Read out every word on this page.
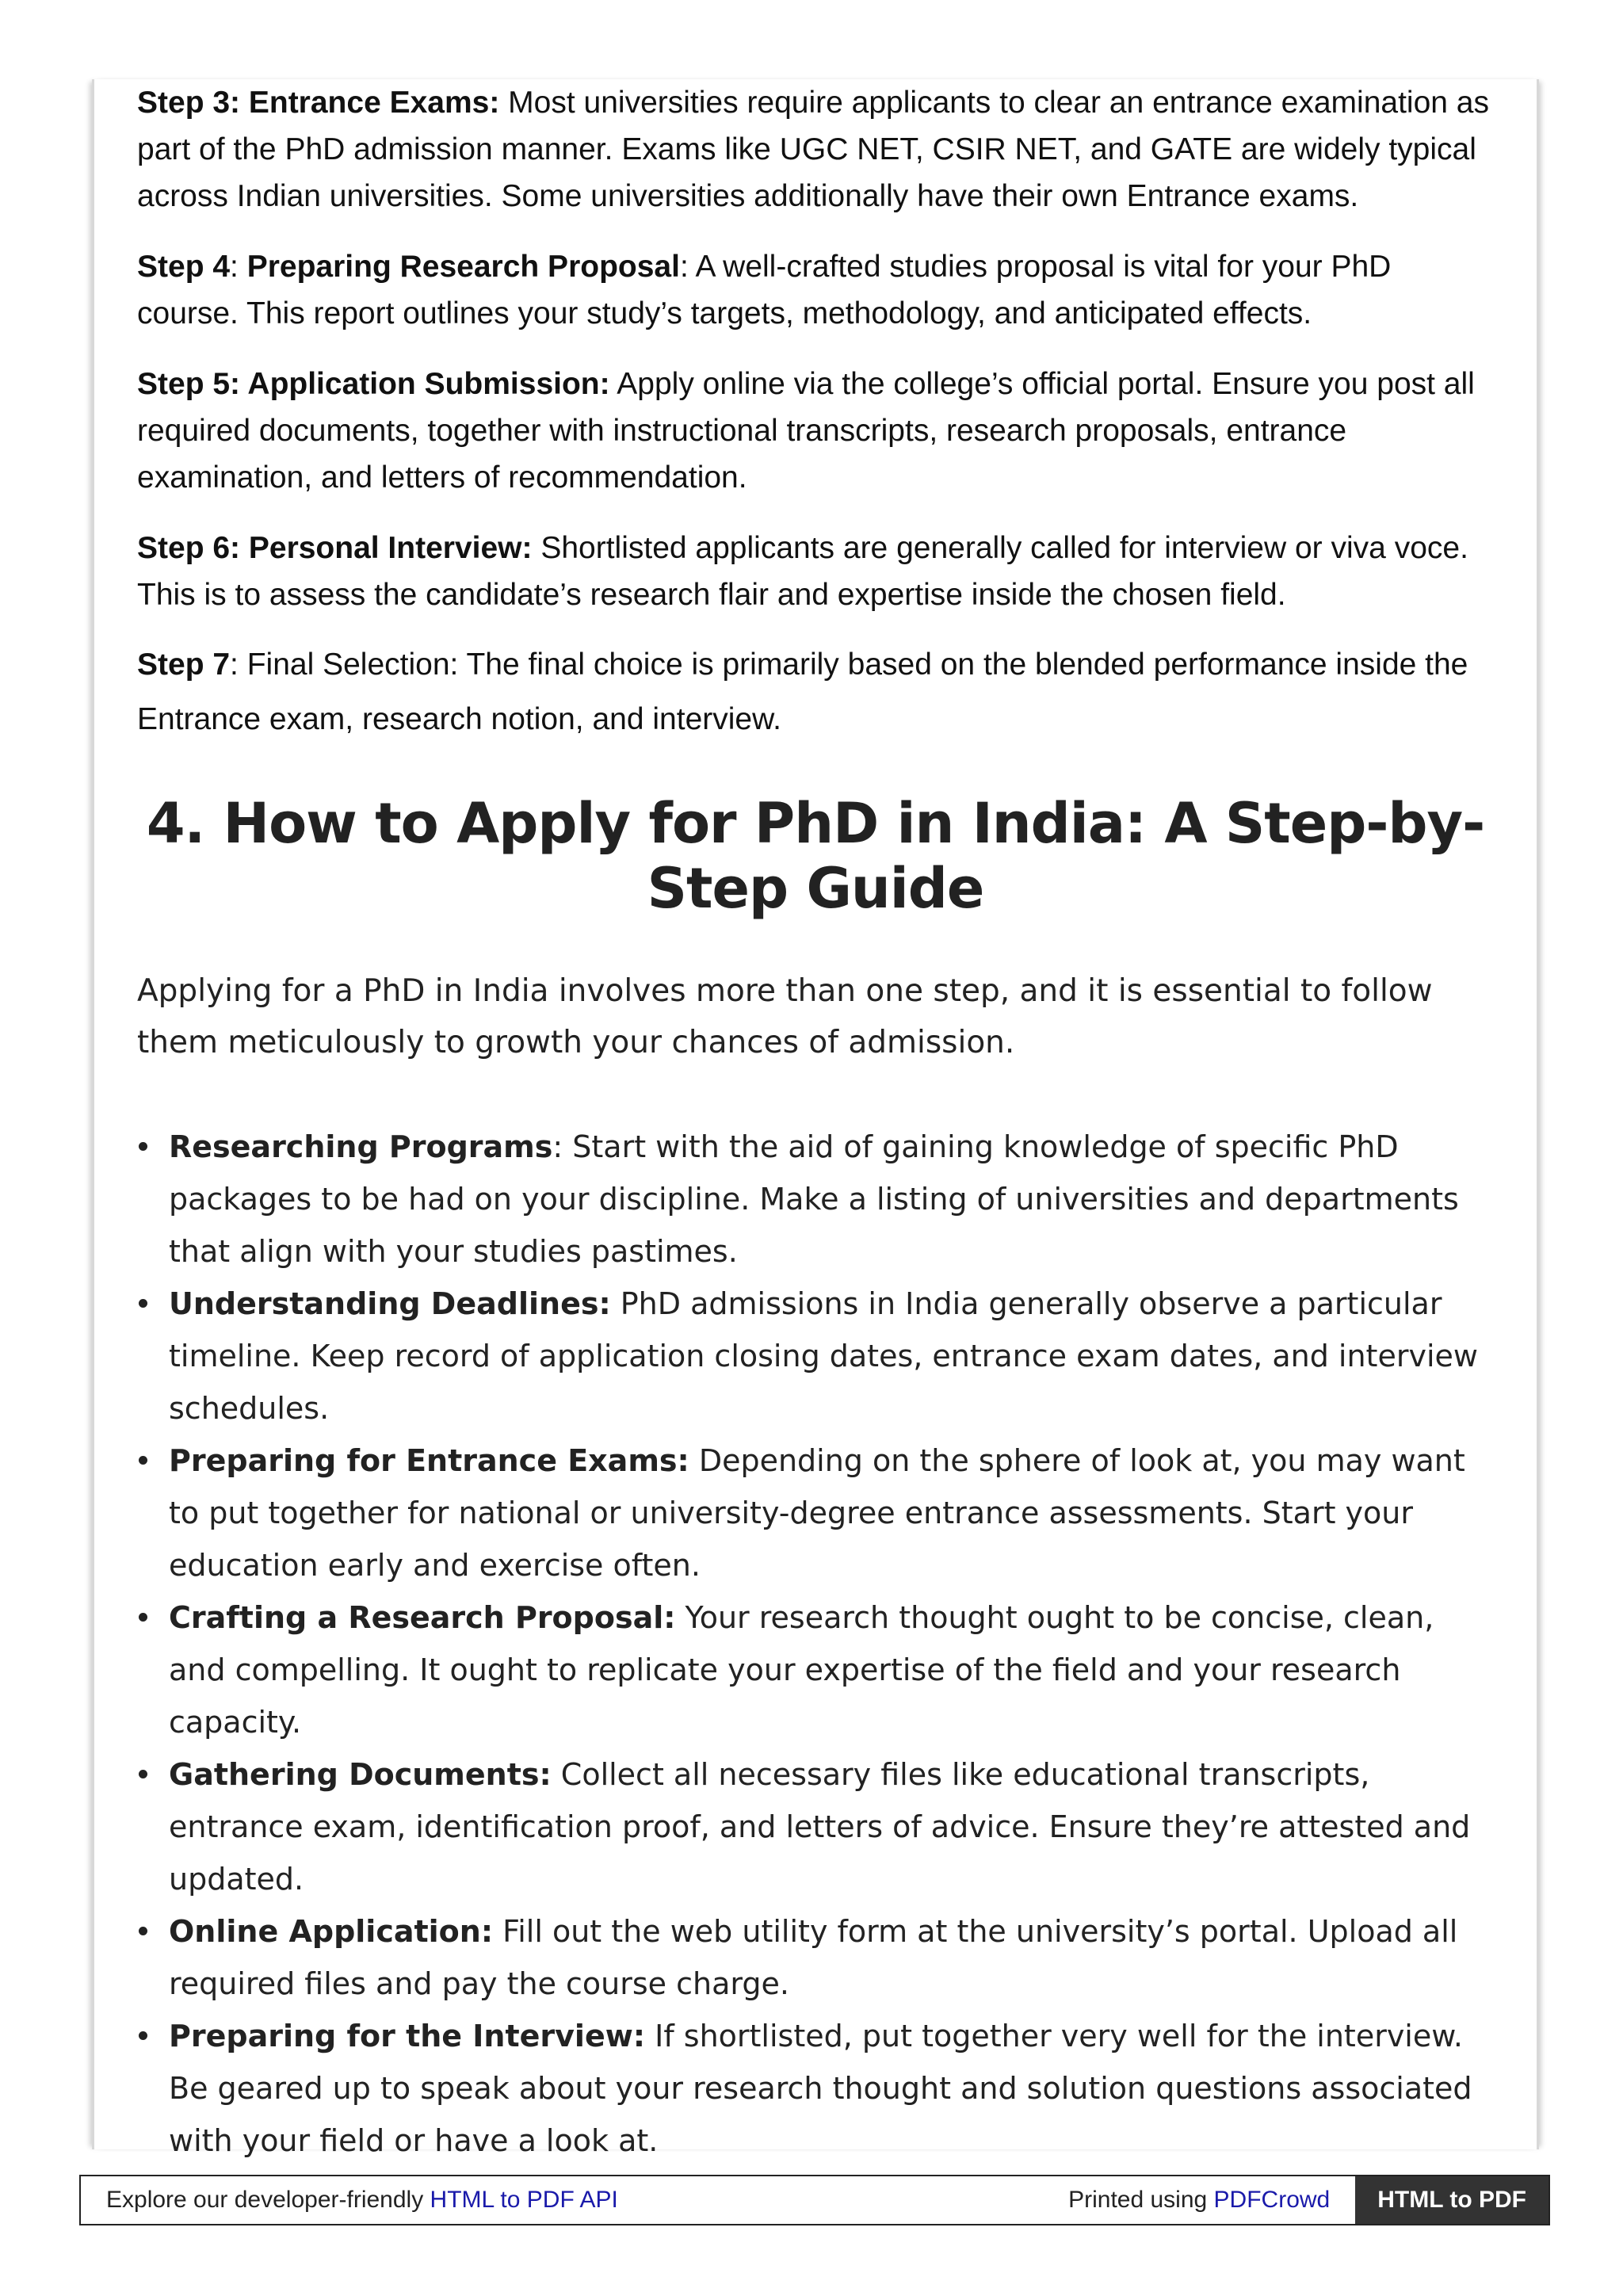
Step 3: Entrance Exams: Most universities require applicants to clear an entrance examination as part of the PhD admission manner. Exams like UGC NET, CSIR NET, and GATE are widely typical across Indian universities. Some universities additionally have their own Entrance exams.

Step 4: Preparing Research Proposal: A well-crafted studies proposal is vital for your PhD course. This report outlines your study’s targets, methodology, and anticipated effects.

Step 5: Application Submission: Apply online via the college’s official portal. Ensure you post all required documents, together with instructional transcripts, research proposals, entrance examination, and letters of recommendation.

Step 6: Personal Interview: Shortlisted applicants are generally called for interview or viva voce. This is to assess the candidate’s research flair and expertise inside the chosen field.

Step 7: Final Selection: The final choice is primarily based on the blended performance inside the Entrance exam, research notion, and interview.

4. How to Apply for PhD in India: A Step-by-Step Guide

Applying for a PhD in India involves more than one step, and it is essential to follow them meticulously to growth your chances of admission.

Researching Programs: Start with the aid of gaining knowledge of specific PhD packages to be had on your discipline. Make a listing of universities and departments that align with your studies pastimes.
Understanding Deadlines: PhD admissions in India generally observe a particular timeline. Keep record of application closing dates, entrance exam dates, and interview schedules.
Preparing for Entrance Exams: Depending on the sphere of look at, you may want to put together for national or university-degree entrance assessments. Start your education early and exercise often.
Crafting a Research Proposal: Your research thought ought to be concise, clean, and compelling. It ought to replicate your expertise of the field and your research capacity.
Gathering Documents: Collect all necessary files like educational transcripts, entrance exam, identification proof, and letters of advice. Ensure they’re attested and updated.
Online Application: Fill out the web utility form at the university’s portal. Upload all required files and pay the course charge.
Preparing for the Interview: If shortlisted, put together very well for the interview. Be geared up to speak about your research thought and solution questions associated with your field or have a look at.
Explore our developer-friendly HTML to PDF API	Printed using PDFCrowd	HTML to PDF
